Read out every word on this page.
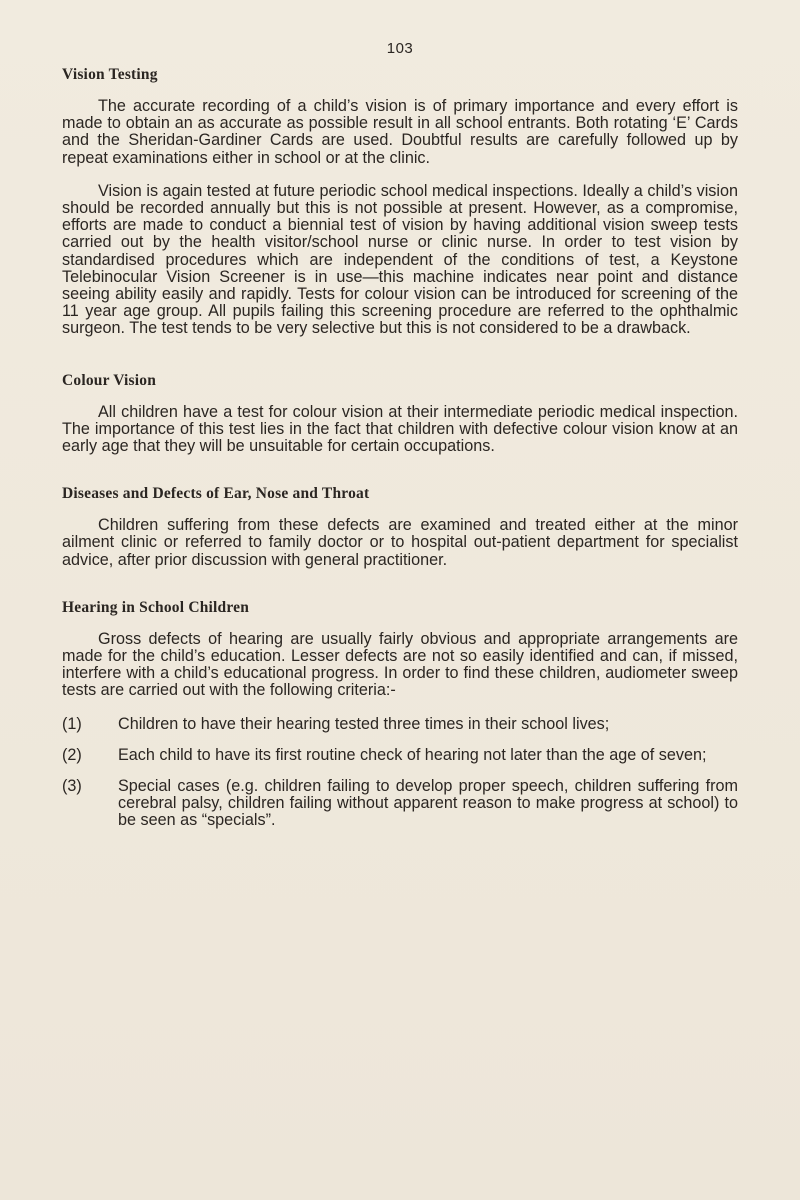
103
Vision Testing

The accurate recording of a child’s vision is of primary importance and every effort is made to obtain an as accurate as possible result in all school entrants. Both rotating ‘E’ Cards and the Sheridan-Gardiner Cards are used. Doubtful results are carefully followed up by repeat examinations either in school or at the clinic.

Vision is again tested at future periodic school medical inspections. Ideally a child’s vision should be recorded annually but this is not possible at present. However, as a compromise, efforts are made to conduct a biennial test of vision by having additional vision sweep tests carried out by the health visitor/school nurse or clinic nurse. In order to test vision by standardised procedures which are independent of the conditions of test, a Keystone Telebinocular Vision Screener is in use—this machine indicates near point and distance seeing ability easily and rapidly. Tests for colour vision can be introduced for screening of the 11 year age group. All pupils failing this screening procedure are referred to the ophthalmic surgeon. The test tends to be very selective but this is not considered to be a drawback.

Colour Vision

All children have a test for colour vision at their intermediate periodic medical inspection. The importance of this test lies in the fact that children with defective colour vision know at an early age that they will be unsuitable for certain occupations.

Diseases and Defects of Ear, Nose and Throat

Children suffering from these defects are examined and treated either at the minor ailment clinic or referred to family doctor or to hospital out-patient department for specialist advice, after prior discussion with general practitioner.

Hearing in School Children

Gross defects of hearing are usually fairly obvious and appropriate arrangements are made for the child’s education. Lesser defects are not so easily identified and can, if missed, interfere with a child’s educational progress. In order to find these children, audiometer sweep tests are carried out with the following criteria:-

(1) Children to have their hearing tested three times in their school lives;
(2) Each child to have its first routine check of hearing not later than the age of seven;
(3) Special cases (e.g. children failing to develop proper speech, children suffering from cerebral palsy, children failing without apparent reason to make progress at school) to be seen as “specials”.
